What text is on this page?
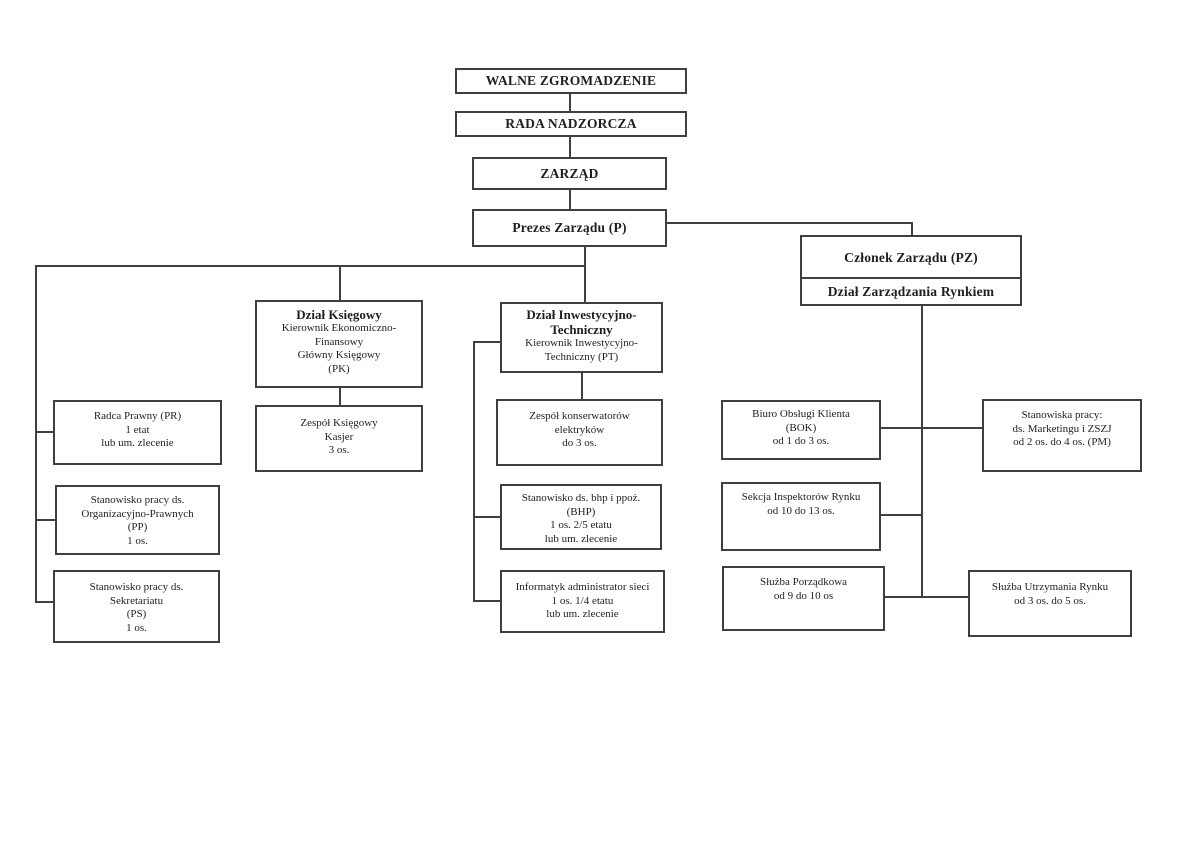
WALNE ZGROMADZENIE
RADA NADZORCZA
ZARZĄD
Prezes Zarządu (P)
Członek Zarządu (PZ)
Dział Zarządzania Rynkiem
Dział Księgowy
Kierownik Ekonomiczno-
Finansowy
Główny Księgowy
(PK)
Zespół Księgowy
Kasjer
3 os.
Dział Inwestycyjno-
Techniczny
Kierownik Inwestycyjno-
Techniczny (PT)
Zespół konserwatorów
elektryków
do 3 os.
Stanowisko ds. bhp i ppoż.
(BHP)
1 os. 2/5 etatu
lub um. zlecenie
Informatyk administrator sieci
1 os. 1/4 etatu
lub um. zlecenie
Radca Prawny (PR)
1 etat
lub um. zlecenie
Stanowisko pracy ds.
Organizacyjno-Prawnych
(PP)
1 os.
Stanowisko pracy ds.
Sekretariatu
(PS)
1 os.
Biuro Obsługi Klienta
(BOK)
od 1 do 3 os.
Sekcja Inspektorów Rynku
od 10 do 13 os.
Służba Porządkowa
od 9 do 10 os
Stanowiska pracy:
ds. Marketingu i ZSZJ
od 2 os. do 4 os. (PM)
Służba Utrzymania Rynku
od 3 os. do 5 os.
